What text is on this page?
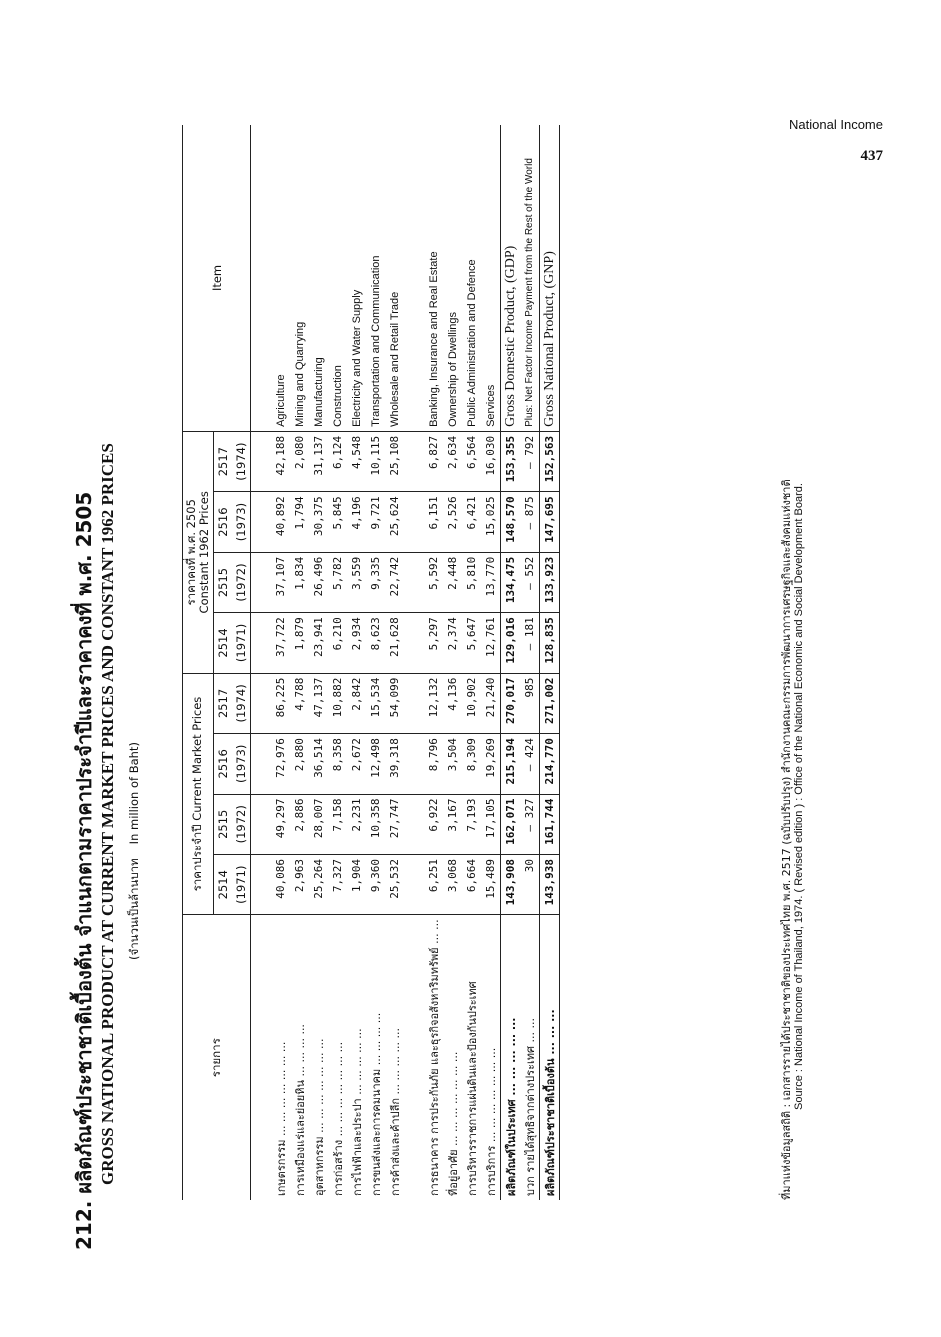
National Income
437
212. ผลิตภัณฑ์ประชาชาติเบื้องต้น จำแนกตามราคาประจำปีและราคาคงที่ พ.ศ. 2505 GROSS NATIONAL PRODUCT AT CURRENT MARKET PRICES AND CONSTANT 1962 PRICES (จำนวนเป็นล้านบาทIn million of Baht)
รายการ	ราคาประจำปี Current Market Prices				ราคาคงที่ พ.ศ. 2505 Constant 1962 Prices				Item
	2514	2515	2516	2517	2514	2515	2516	2517	
	(1971)	(1972)	(1973)	(1974)	(1971)	(1972)	(1973)	(1974)	

เกษตรกรรม ... ... ... ... ... ... ...	40,086	49,297	72,976	86,225	37,722	37,107	40,892	42,188	Agriculture
การเหมืองแร่และย่อยหิน ... ... ... ...	2,963	2,886	2,880	4,788	1,879	1,834	1,794	2,080	Mining and Quarrying
อุตสาหกรรม ... ... ... ... ... ... ...	25,264	28,007	36,514	47,137	23,941	26,496	30,375	31,137	Manufacturing
การก่อสร้าง ... ... ... ... ... ... ...	7,327	7,158	8,358	10,882	6,210	5,782	5,845	6,124	Construction
การไฟฟ้าและประปา ... ... ... ... ...	1,904	2,231	2,672	2,842	2,934	3,559	4,196	4,548	Electricity and Water Supply
การขนส่งและการคมนาคม ... ... ... ...	9,360	10,358	12,498	15,534	8,623	9,335	9,721	10,115	Transportation and Communication
การค้าส่งและค้าปลีก ... ... ... ... ...	25,532	27,747	39,318	54,099	21,628	22,742	25,624	25,108	Wholesale and Retail Trade

การธนาคาร การประกันภัย และธุรกิจอสังหาริมทรัพย์ ... ...	6,251	6,922	8,796	12,132	5,297	5,592	6,151	6,827	Banking, Insurance and Real Estate
ที่อยู่อาศัย ... ... ... ... ... ... ...	3,068	3,167	3,504	4,136	2,374	2,448	2,526	2,634	Ownership of Dwellings
การบริหารราชการแผ่นดินและป้องกันประเทศ	6,664	7,193	8,309	10,902	5,647	5,810	6,421	6,564	Public Administration and Defence
การบริการ ... ... ... ... ... ... ...	15,489	17,105	19,269	21,240	12,761	13,770	15,025	16,030	Services
ผลิตภัณฑ์ในประเทศ ... ... ... ... ...	143,908	162,071	215,194	270,017	129,016	134,475	148,570	153,355	Gross Domestic Product, (GDP)
บวก รายได้สุทธิจากต่างประเทศ ... ...	30	– 327	– 424	985	– 181	– 552	– 875	– 792	Plus: Net Factor Income Payment from the Rest of the World
ผลิตภัณฑ์ประชาชาติเบื้องต้น ... ... ...	143,938	161,744	214,770	271,002	128,835	133,923	147,695	152,563	Gross National Product, (GNP)
ที่มาแห่งข้อมูลสถิติ : เอกสารรายได้ประชาชาติของประเทศไทย พ.ศ. 2517 (ฉบับปรับปรุง) สำนักงานคณะกรรมการพัฒนาการเศรษฐกิจและสังคมแห่งชาติ Source : National Income of Thailand, 1974. ( Revised edition ) : Office of the National Economic and Social Development Board.
